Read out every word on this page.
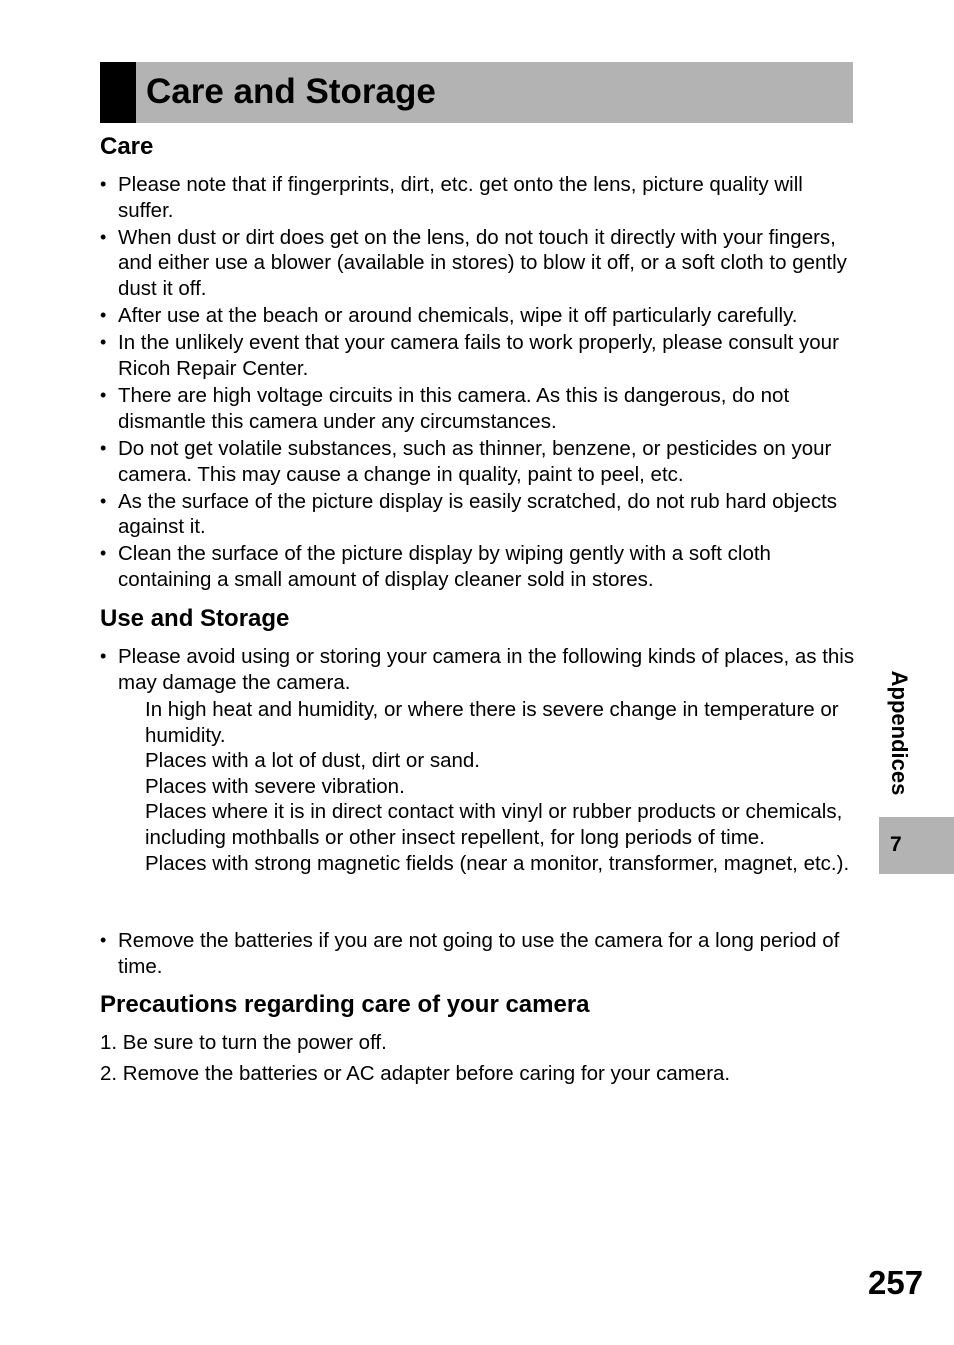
Care and Storage
Care
• Please note that if fingerprints, dirt, etc. get onto the lens, picture quality will suffer.
• When dust or dirt does get on the lens, do not touch it directly with your fingers, and either use a blower (available in stores) to blow it off, or a soft cloth to gently dust it off.
• After use at the beach or around chemicals, wipe it off particularly carefully.
• In the unlikely event that your camera fails to work properly, please consult your Ricoh Repair Center.
• There are high voltage circuits in this camera. As this is dangerous, do not dismantle this camera under any circumstances.
• Do not get volatile substances, such as thinner, benzene, or pesticides on your camera. This may cause a change in quality, paint to peel, etc.
• As the surface of the picture display is easily scratched, do not rub hard objects against it.
• Clean the surface of the picture display by wiping gently with a soft cloth containing a small amount of display cleaner sold in stores.
Use and Storage
• Please avoid using or storing your camera in the following kinds of places, as this may damage the camera.
In high heat and humidity, or where there is severe change in temperature or humidity.
Places with a lot of dust, dirt or sand.
Places with severe vibration.
Places where it is in direct contact with vinyl or rubber products or chemicals, including mothballs or other insect repellent, for long periods of time.
Places with strong magnetic fields (near a monitor, transformer, magnet, etc.).
• Remove the batteries if you are not going to use the camera for a long period of time.
Precautions regarding care of your camera
1. Be sure to turn the power off.
2. Remove the batteries or AC adapter before caring for your camera.
Appendices
7
257
